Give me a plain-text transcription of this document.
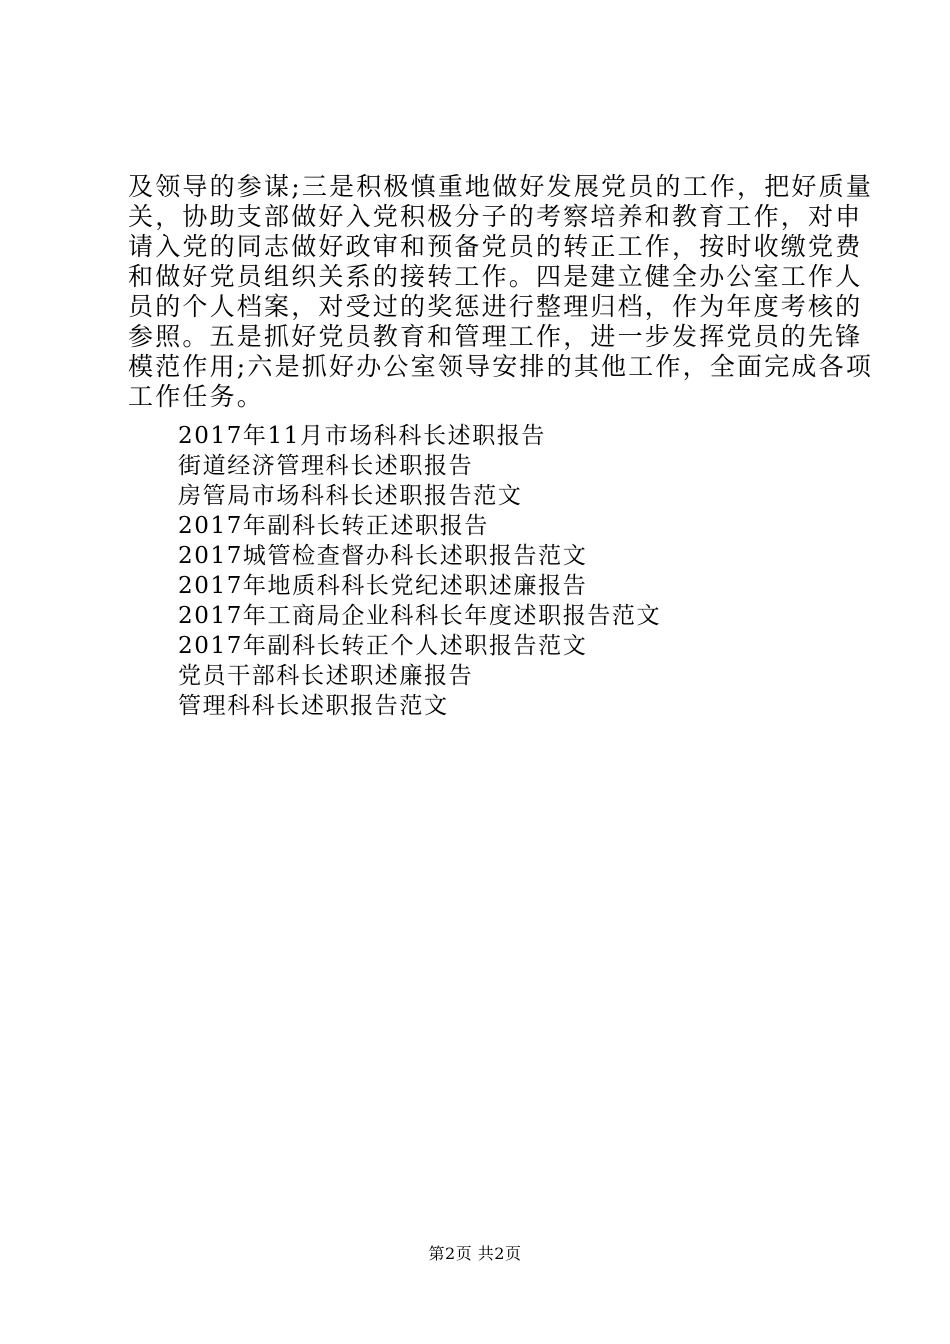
及领导的参谋;三是积极慎重地做好发展党员的工作，把好质量
关，协助支部做好入党积极分子的考察培养和教育工作，对申
请入党的同志做好政审和预备党员的转正工作，按时收缴党费
和做好党员组织关系的接转工作。四是建立健全办公室工作人
员的个人档案，对受过的奖惩进行整理归档，作为年度考核的
参照。五是抓好党员教育和管理工作，进一步发挥党员的先锋
模范作用;六是抓好办公室领导安排的其他工作，全面完成各项
工作任务。
2017年11月市场科科长述职报告
街道经济管理科长述职报告
房管局市场科科长述职报告范文
2017年副科长转正述职报告
2017城管检查督办科长述职报告范文
2017年地质科科长党纪述职述廉报告
2017年工商局企业科科长年度述职报告范文
2017年副科长转正个人述职报告范文
党员干部科长述职述廉报告
管理科科长述职报告范文
第2页 共2页
